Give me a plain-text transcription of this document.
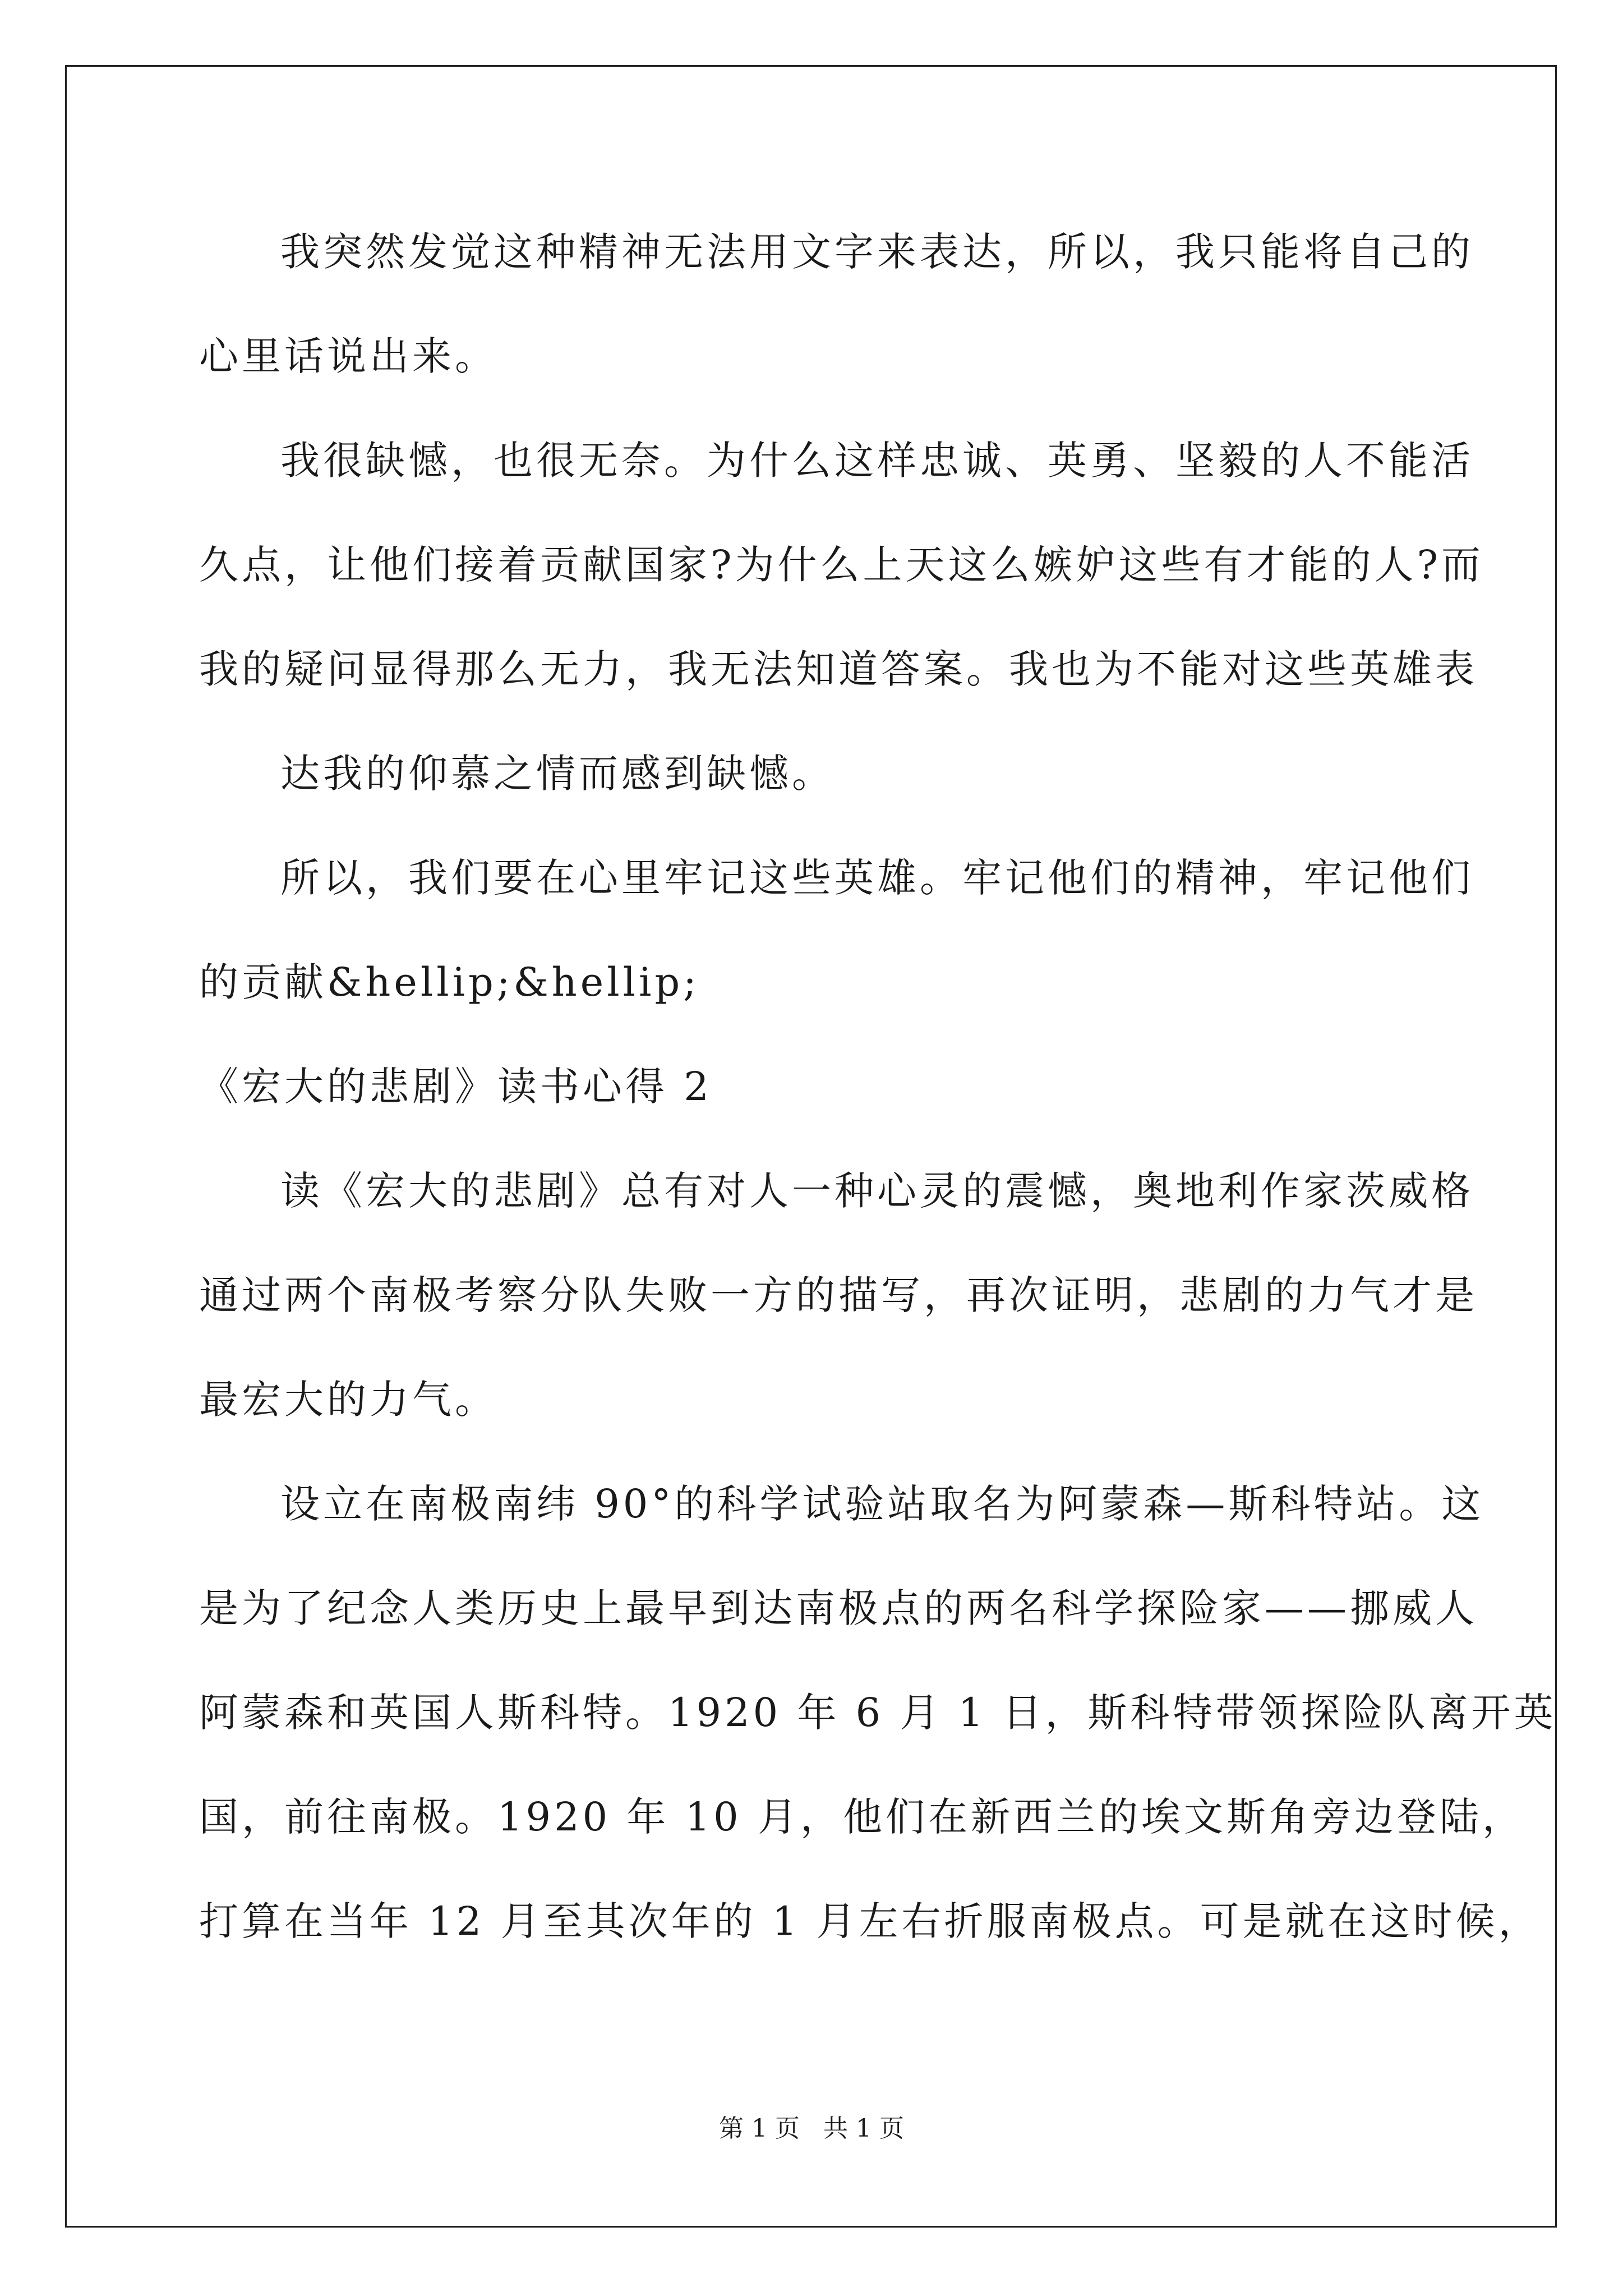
我突然发觉这种精神无法用文字来表达，所以，我只能将自己的
心里话说出来。
我很缺憾，也很无奈。为什么这样忠诚、英勇、坚毅的人不能活
久点，让他们接着贡献国家?为什么上天这么嫉妒这些有才能的人?而
我的疑问显得那么无力，我无法知道答案。我也为不能对这些英雄表
达我的仰慕之情而感到缺憾。
所以，我们要在心里牢记这些英雄。牢记他们的精神，牢记他们
的贡献&hellip;&hellip;
《宏大的悲剧》读书心得 2
读《宏大的悲剧》总有对人一种心灵的震憾，奥地利作家茨威格
通过两个南极考察分队失败一方的描写，再次证明，悲剧的力气才是
最宏大的力气。
设立在南极南纬 90°的科学试验站取名为阿蒙森—斯科特站。这
是为了纪念人类历史上最早到达南极点的两名科学探险家——挪威人
阿蒙森和英国人斯科特。1920 年 6 月 1 日，斯科特带领探险队离开英
国，前往南极。1920 年 10 月，他们在新西兰的埃文斯角旁边登陆，
打算在当年 12 月至其次年的 1 月左右折服南极点。可是就在这时候，
第 1 页   共 1 页
